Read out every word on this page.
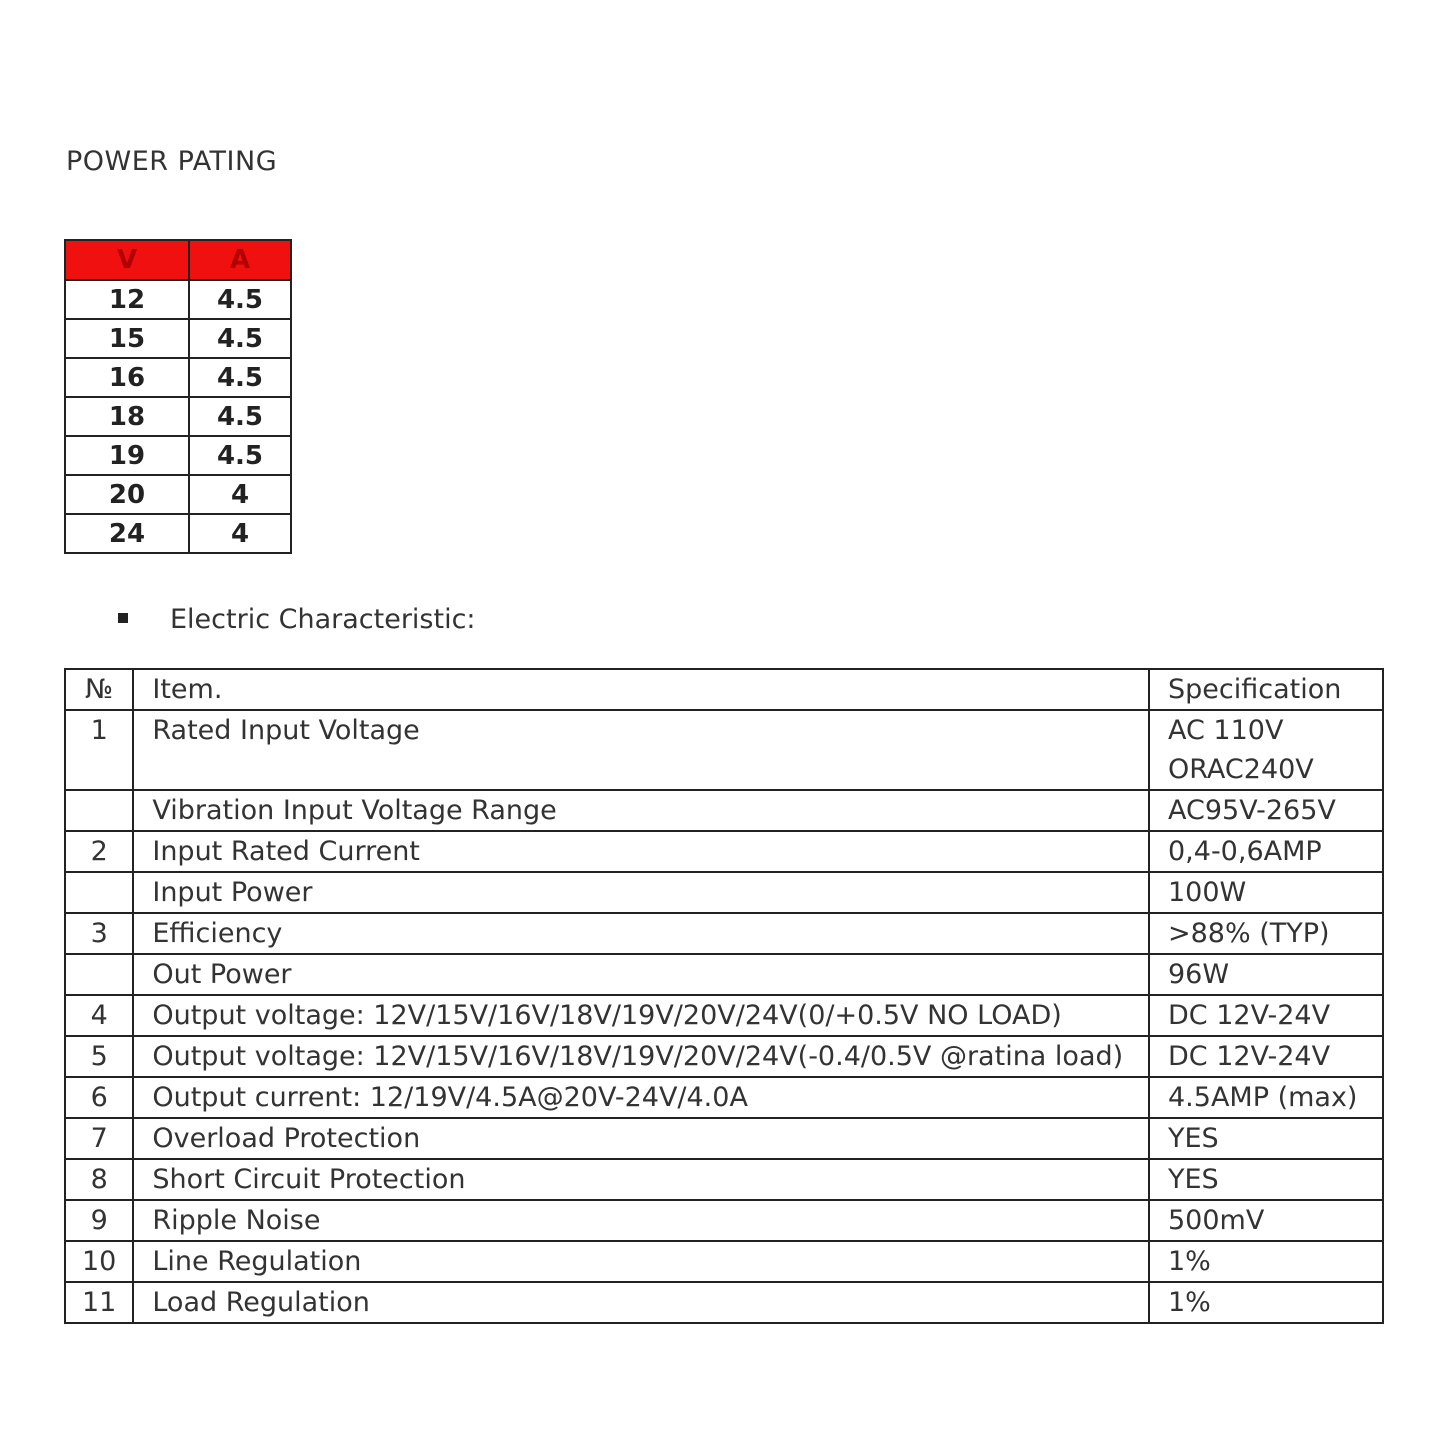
POWER PATING
V	A
12	4.5
15	4.5
16	4.5
18	4.5
19	4.5
20	4
24	4
Electric Characteristic:
№	Item.	Specification
1	Rated Input Voltage	AC 110V
ORAC240V

	Vibration Input Voltage Range	AC95V-265V
2	Input Rated Current	0,4-0,6AMP
	Input Power	100W
3	Efficiency	>88% (TYP)
	Out Power	96W
4	Output voltage: 12V/15V/16V/18V/19V/20V/24V(0/+0.5V NO LOAD)	DC 12V-24V
5	Output voltage: 12V/15V/16V/18V/19V/20V/24V(-0.4/0.5V @ratina load)	DC 12V-24V
6	Output current: 12/19V/4.5A@20V-24V/4.0A	4.5AMP (max)
7	Overload Protection	YES
8	Short Circuit Protection	YES
9	Ripple Noise	500mV
10	Line Regulation	1%
11	Load Regulation	1%
